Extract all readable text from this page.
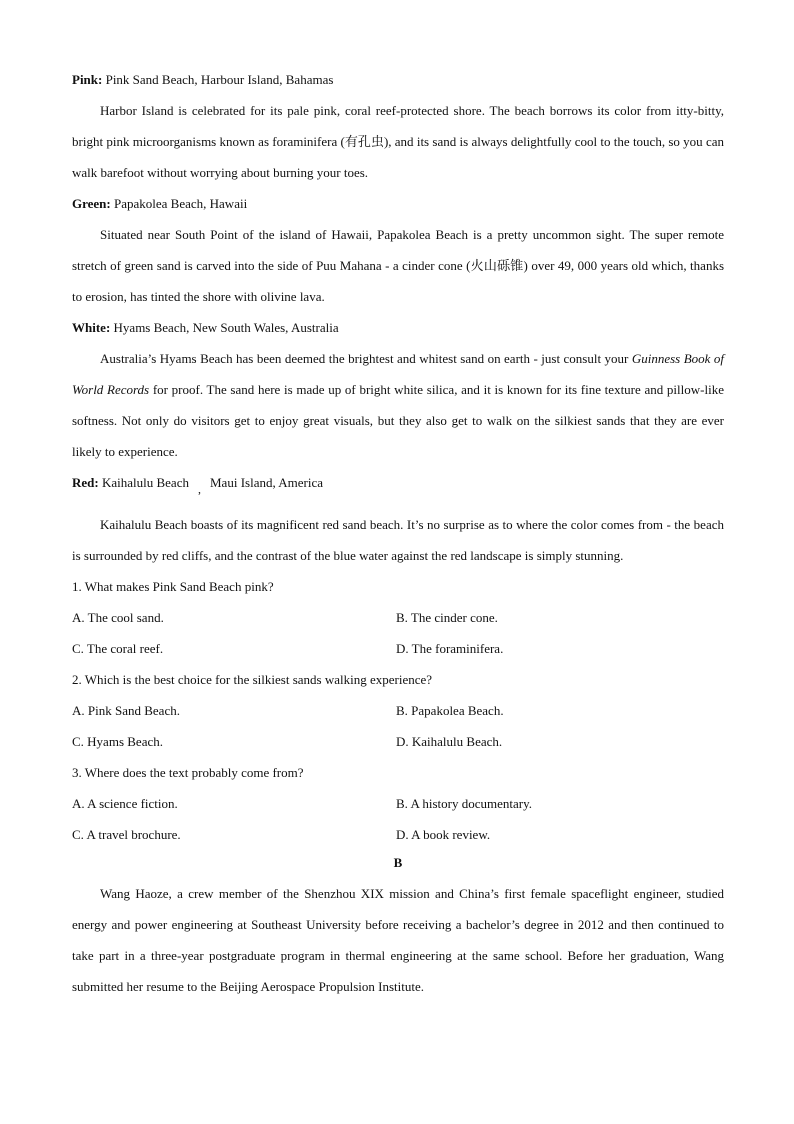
Pink: Pink Sand Beach, Harbour Island, Bahamas

Harbor Island is celebrated for its pale pink, coral reef-protected shore. The beach borrows its color from itty-bitty, bright pink microorganisms known as foraminifera (有孔虫), and its sand is always delightfully cool to the touch, so you can walk barefoot without worrying about burning your toes.

Green: Papakolea Beach, Hawaii

Situated near South Point of the island of Hawaii, Papakolea Beach is a pretty uncommon sight. The super remote stretch of green sand is carved into the side of Puu Mahana - a cinder cone (火山砾锥) over 49, 000 years old which, thanks to erosion, has tinted the shore with olivine lava.

White: Hyams Beach, New South Wales, Australia

Australia’s Hyams Beach has been deemed the brightest and whitest sand on earth - just consult your Guinness Book of World Records for proof. The sand here is made up of bright white silica, and it is known for its fine texture and pillow-like softness. Not only do visitors get to enjoy great visuals, but they also get to walk on the silkiest sands that they are ever likely to experience.

Red: Kaihalulu Beach , Maui Island, America

Kaihalulu Beach boasts of its magnificent red sand beach. It’s no surprise as to where the color comes from - the beach is surrounded by red cliffs, and the contrast of the blue water against the red landscape is simply stunning.

1. What makes Pink Sand Beach pink?

A. The cool sand.	B. The cinder cone.
C. The coral reef.	D. The foraminifera.

2. Which is the best choice for the silkiest sands walking experience?

A. Pink Sand Beach.	B. Papakolea Beach.
C. Hyams Beach.	D. Kaihalulu Beach.

3. Where does the text probably come from?

A. A science fiction.	B. A history documentary.
C. A travel brochure.	D. A book review.

B

Wang Haoze, a crew member of the Shenzhou XIX mission and China’s first female spaceflight engineer, studied energy and power engineering at Southeast University before receiving a bachelor’s degree in 2012 and then continued to take part in a three-year postgraduate program in thermal engineering at the same school. Before her graduation, Wang submitted her resume to the Beijing Aerospace Propulsion Institute.
